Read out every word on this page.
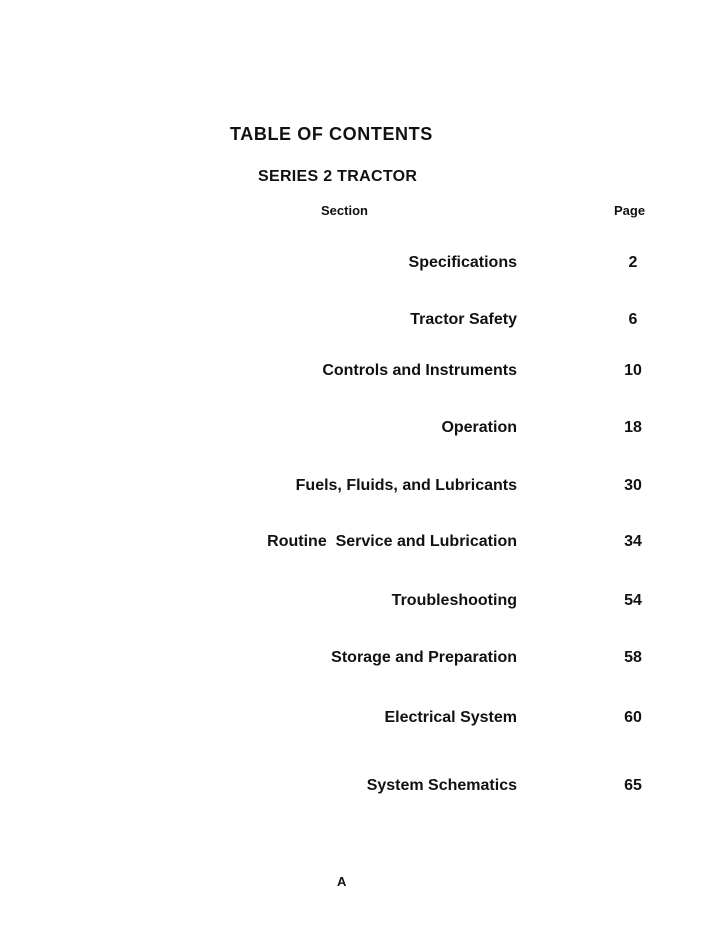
TABLE OF CONTENTS
SERIES 2 TRACTOR
Section	Page
Specifications	2
Tractor Safety	6
Controls and Instruments	10
Operation	18
Fuels, Fluids, and Lubricants	30
Routine  Service and Lubrication	34
Troubleshooting	54
Storage and Preparation	58
Electrical System	60
System Schematics	65
A
